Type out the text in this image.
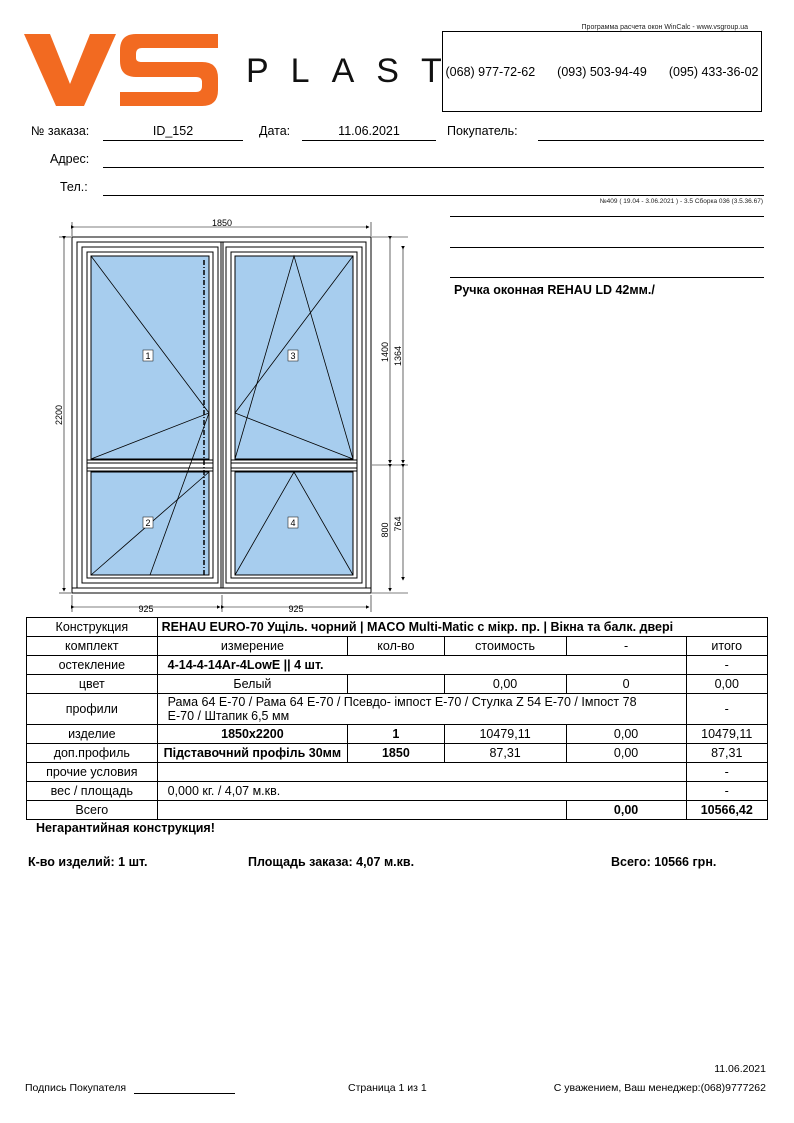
PLAST
Программа расчета окон WinCalc - www.vsgroup.ua
(068) 977-72-62 (093) 503-94-49 (095) 433-36-02
№ заказа:	ID_152	Дата:	11.06.2021	Покупатель:
Адрес:
Тел.:
№409 ( 19.04 - 3.06.2021 ) - 3.5 Сборка 036 (3.5.36.67)
Ручка оконная REHAU LD 42мм./
1
2
3
4
1850
2200
925	925
1400 1364
800 764
Конструкция	REHAU EURO-70 Ущіль. чорний | MACO Multi-Matic с мікр. пр. | Вікна та балк. двері				
комплект	измерение	кол-во	стоимость	-	итого
остекление	4-14-4-14Ar-4LowE || 4 шт.				-
цвет	Белый		0,00	0	0,00
профили	Рама 64 Е-70 / Рама 64 Е-70 / Псевдо- імпост Е-70 / Стулка Z 54 Е-70 / Імпост 78 Е-70 / Штапик 6,5 мм				-
изделие	1850x2200	1	10479,11	0,00	10479,11
доп.профиль	Підставочний профіль 30мм	1850	87,31	0,00	87,31
прочие условия					-
вес / площадь	0,000 кг. / 4,07 м.кв.				-
Всего				0,00	10566,42
Негарантийная конструкция!
К-во изделий: 1 шт.	Площадь заказа: 4,07 м.кв.	Всего: 10566 грн.
11.06.2021
Подпись Покупателя	Страница 1 из 1	С уважением, Ваш менеджер:(068)9777262
